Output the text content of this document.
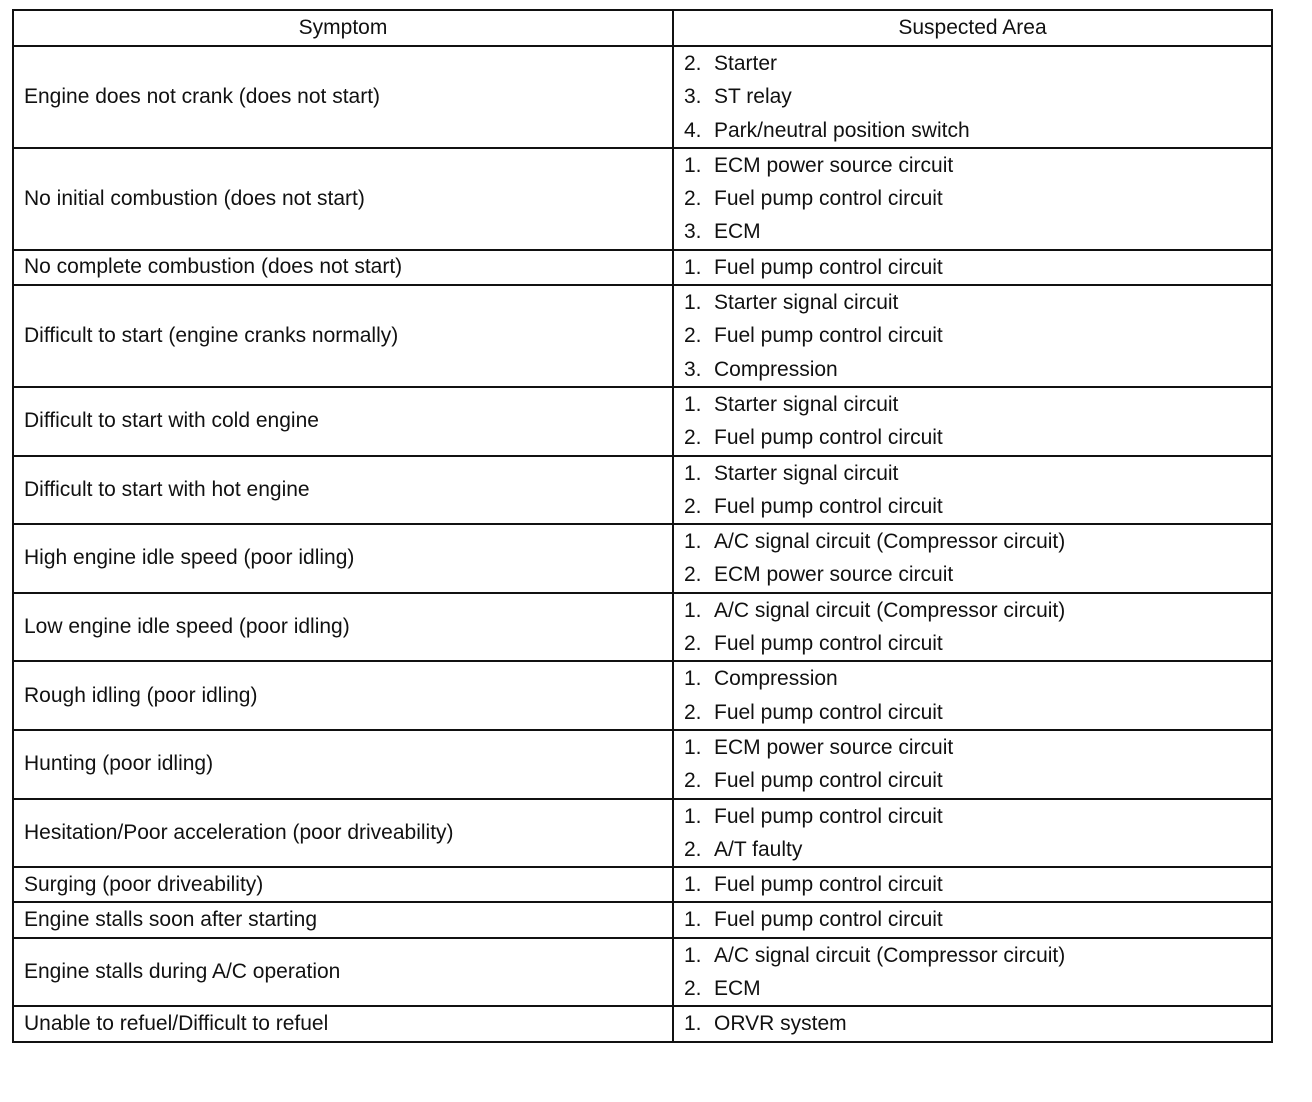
Symptom	Suspected Area
Engine does not crank (does not start)	2. Starter
3. ST relay
4. Park/neutral position switch

No initial combustion (does not start)	1. ECM power source circuit
2. Fuel pump control circuit
3. ECM

No complete combustion (does not start)	1. Fuel pump control circuit

Difficult to start (engine cranks normally)	1. Starter signal circuit
2. Fuel pump control circuit
3. Compression

Difficult to start with cold engine	1. Starter signal circuit
2. Fuel pump control circuit

Difficult to start with hot engine	1. Starter signal circuit
2. Fuel pump control circuit

High engine idle speed (poor idling)	1. A/C signal circuit (Compressor circuit)
2. ECM power source circuit

Low engine idle speed (poor idling)	1. A/C signal circuit (Compressor circuit)
2. Fuel pump control circuit

Rough idling (poor idling)	1. Compression
2. Fuel pump control circuit

Hunting (poor idling)	1. ECM power source circuit
2. Fuel pump control circuit

Hesitation/Poor acceleration (poor driveability)	1. Fuel pump control circuit
2. A/T faulty

Surging (poor driveability)	1. Fuel pump control circuit

Engine stalls soon after starting	1. Fuel pump control circuit

Engine stalls during A/C operation	1. A/C signal circuit (Compressor circuit)
2. ECM

Unable to refuel/Difficult to refuel	1. ORVR system
